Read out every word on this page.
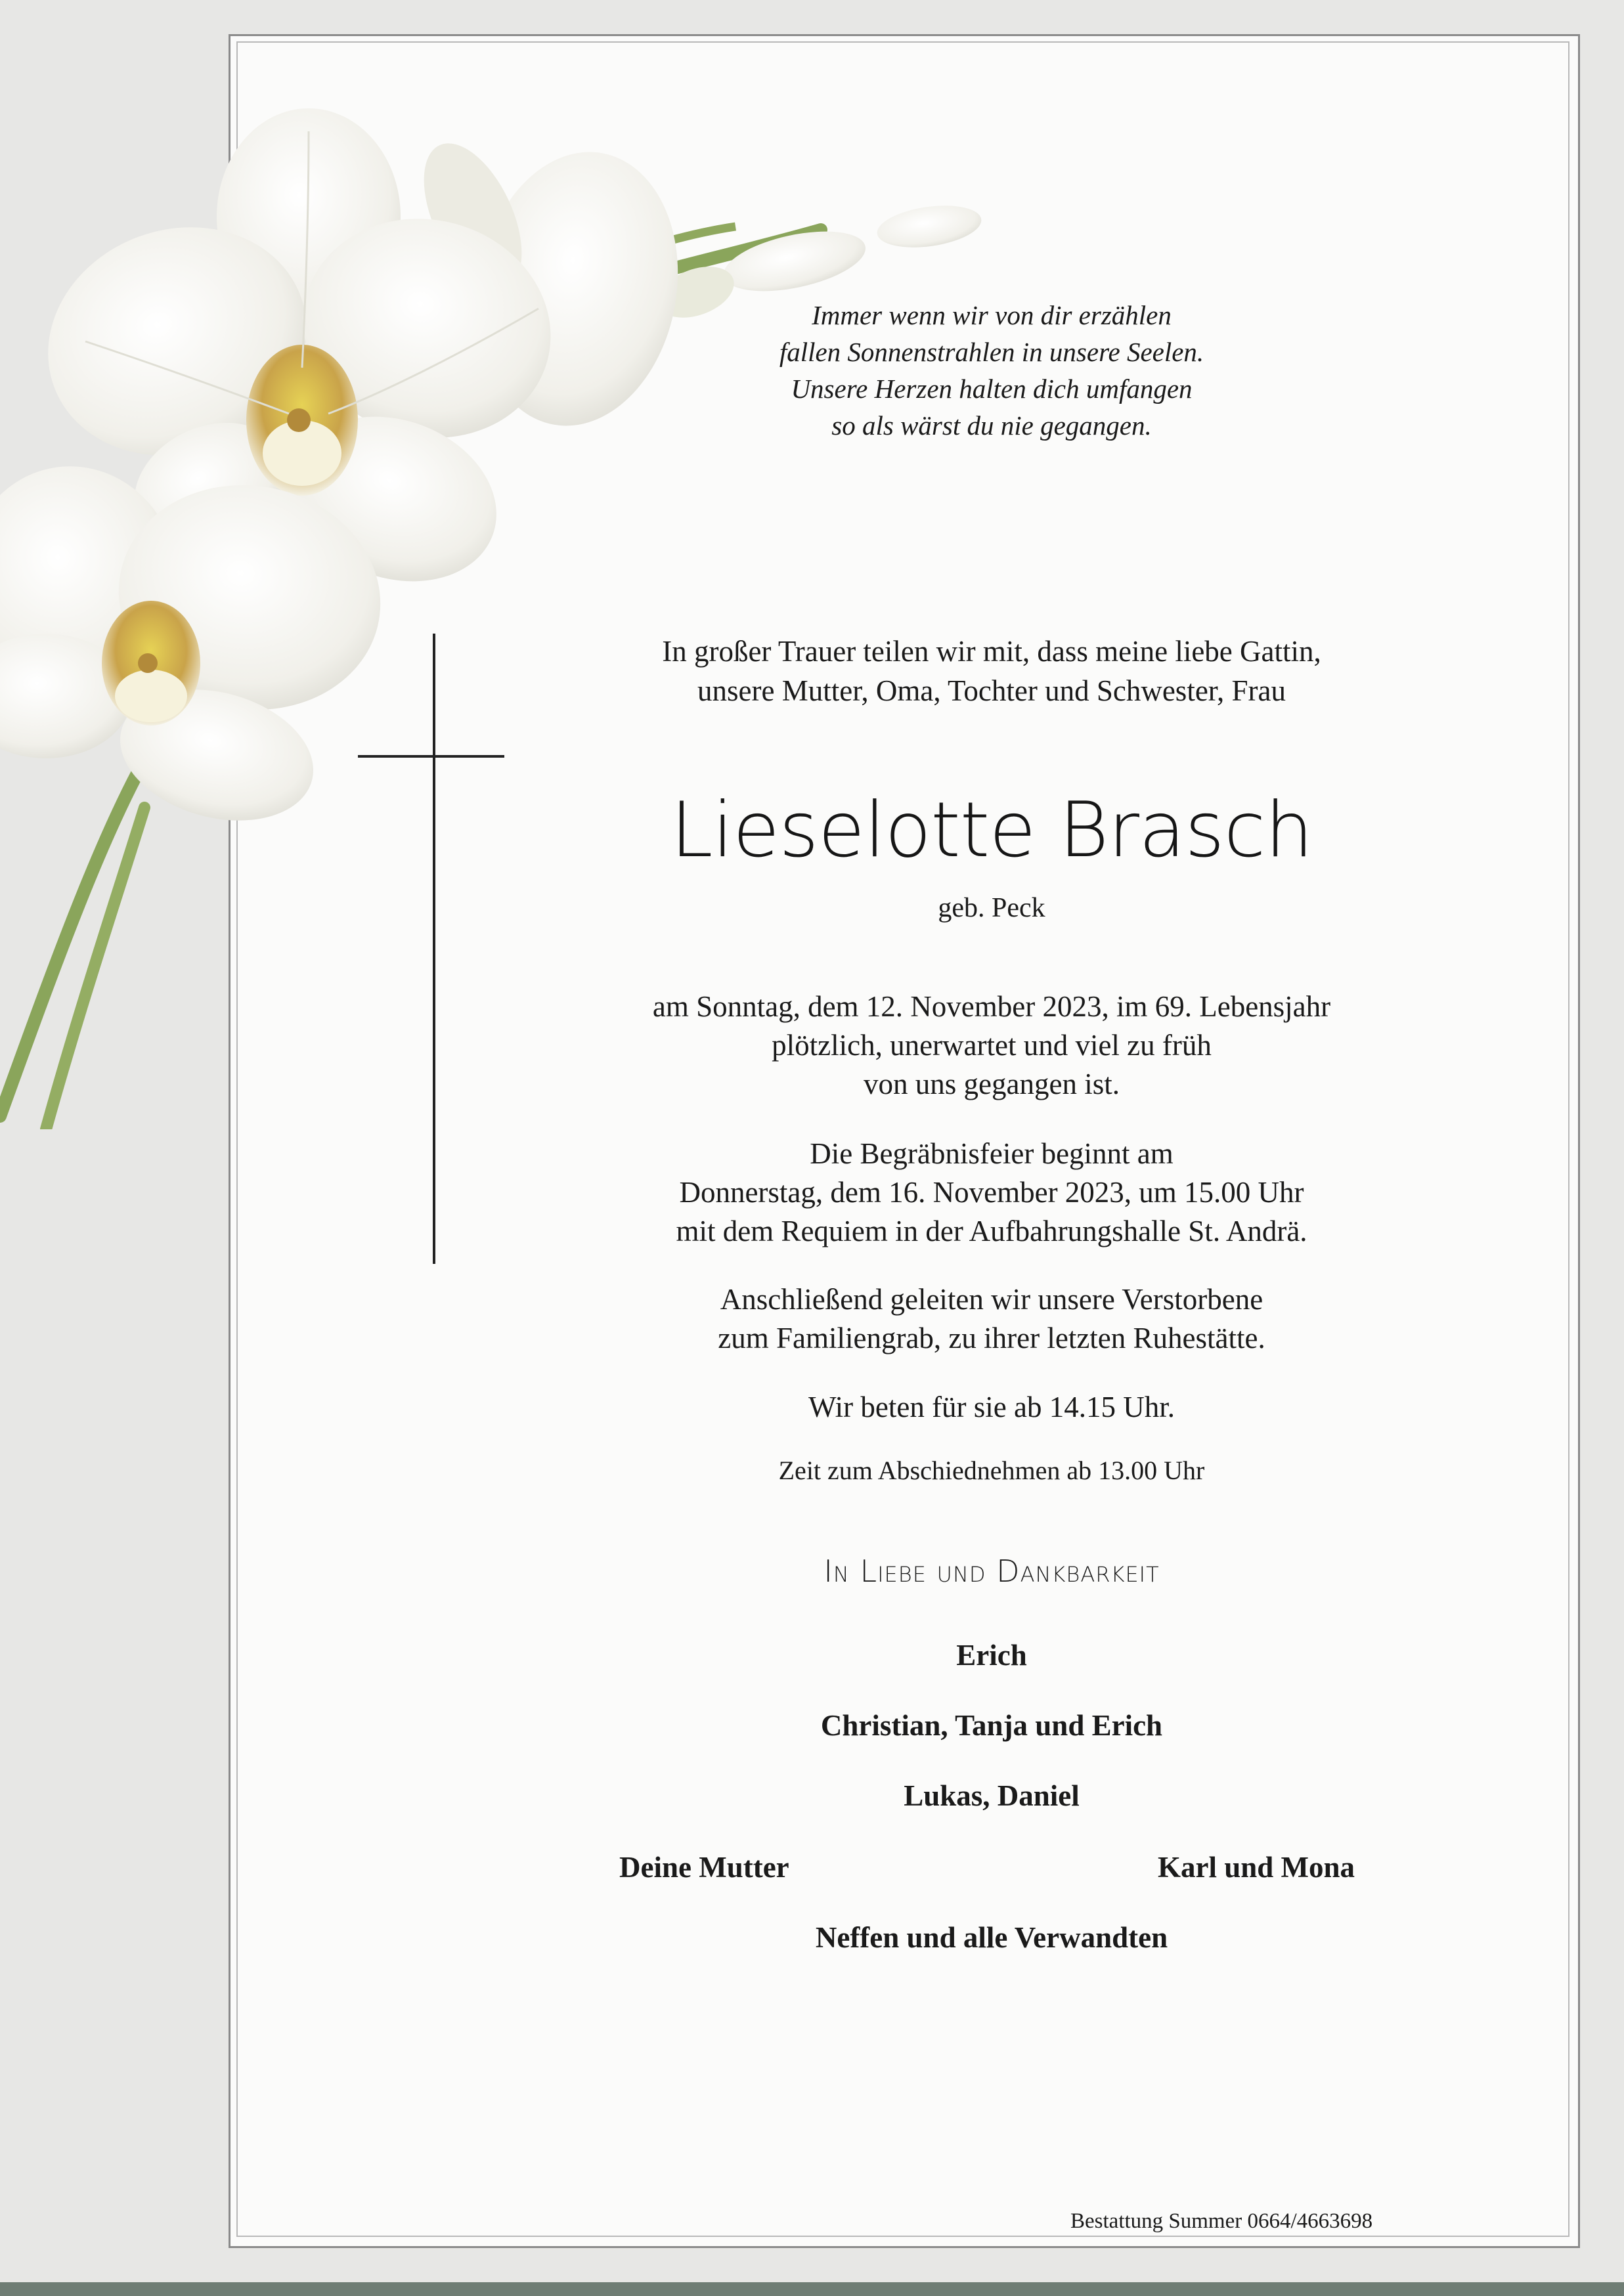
Immer wenn wir von dir erzählen
fallen Sonnenstrahlen in unsere Seelen.
Unsere Herzen halten dich umfangen
so als wärst du nie gegangen.
In großer Trauer teilen wir mit, dass meine liebe Gattin,
unsere Mutter, Oma, Tochter und Schwester, Frau
Lieselotte Brasch
geb. Peck
am Sonntag, dem 12. November 2023, im 69. Lebensjahr
plötzlich, unerwartet und viel zu früh
von uns gegangen ist.
Die Begräbnisfeier beginnt am
Donnerstag, dem 16. November 2023, um 15.00 Uhr
mit dem Requiem in der Aufbahrungshalle St. Andrä.
Anschließend geleiten wir unsere Verstorbene
zum Familiengrab, zu ihrer letzten Ruhestätte.
Wir beten für sie ab 14.15 Uhr.
Zeit zum Abschiednehmen ab 13.00 Uhr
In Liebe und Dankbarkeit
Erich
Christian, Tanja und Erich
Lukas, Daniel
Deine Mutter	Karl und Mona
Neffen und alle Verwandten
Bestattung Summer 0664/4663698
